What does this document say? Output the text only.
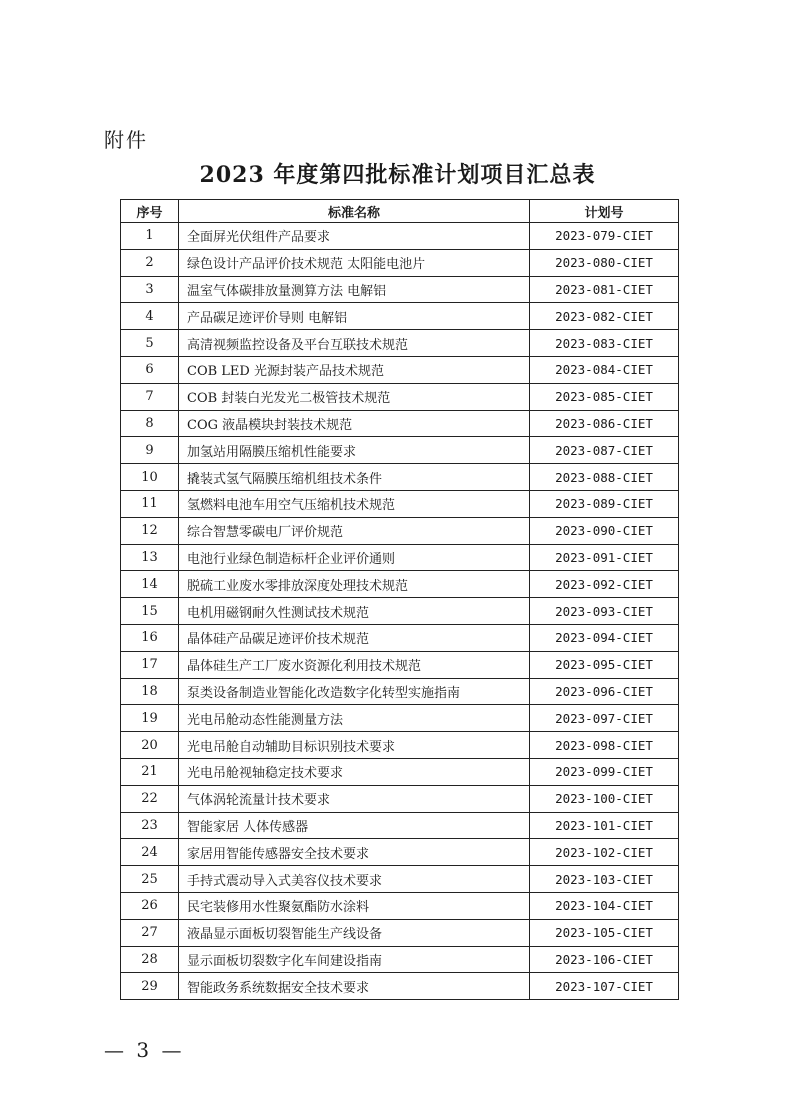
附件
2023 年度第四批标准计划项目汇总表
序号	标准名称	计划号
1	全面屏光伏组件产品要求	2023-079-CIET
2	绿色设计产品评价技术规范 太阳能电池片	2023-080-CIET
3	温室气体碳排放量测算方法 电解铝	2023-081-CIET
4	产品碳足迹评价导则 电解铝	2023-082-CIET
5	高清视频监控设备及平台互联技术规范	2023-083-CIET
6	COB LED 光源封装产品技术规范	2023-084-CIET
7	COB 封装白光发光二极管技术规范	2023-085-CIET
8	COG 液晶模块封装技术规范	2023-086-CIET
9	加氢站用隔膜压缩机性能要求	2023-087-CIET
10	撬装式氢气隔膜压缩机组技术条件	2023-088-CIET
11	氢燃料电池车用空气压缩机技术规范	2023-089-CIET
12	综合智慧零碳电厂评价规范	2023-090-CIET
13	电池行业绿色制造标杆企业评价通则	2023-091-CIET
14	脱硫工业废水零排放深度处理技术规范	2023-092-CIET
15	电机用磁钢耐久性测试技术规范	2023-093-CIET
16	晶体硅产品碳足迹评价技术规范	2023-094-CIET
17	晶体硅生产工厂废水资源化利用技术规范	2023-095-CIET
18	泵类设备制造业智能化改造数字化转型实施指南	2023-096-CIET
19	光电吊舱动态性能测量方法	2023-097-CIET
20	光电吊舱自动辅助目标识别技术要求	2023-098-CIET
21	光电吊舱视轴稳定技术要求	2023-099-CIET
22	气体涡轮流量计技术要求	2023-100-CIET
23	智能家居 人体传感器	2023-101-CIET
24	家居用智能传感器安全技术要求	2023-102-CIET
25	手持式震动导入式美容仪技术要求	2023-103-CIET
26	民宅装修用水性聚氨酯防水涂料	2023-104-CIET
27	液晶显示面板切裂智能生产线设备	2023-105-CIET
28	显示面板切裂数字化车间建设指南	2023-106-CIET
29	智能政务系统数据安全技术要求	2023-107-CIET
— 3 —
